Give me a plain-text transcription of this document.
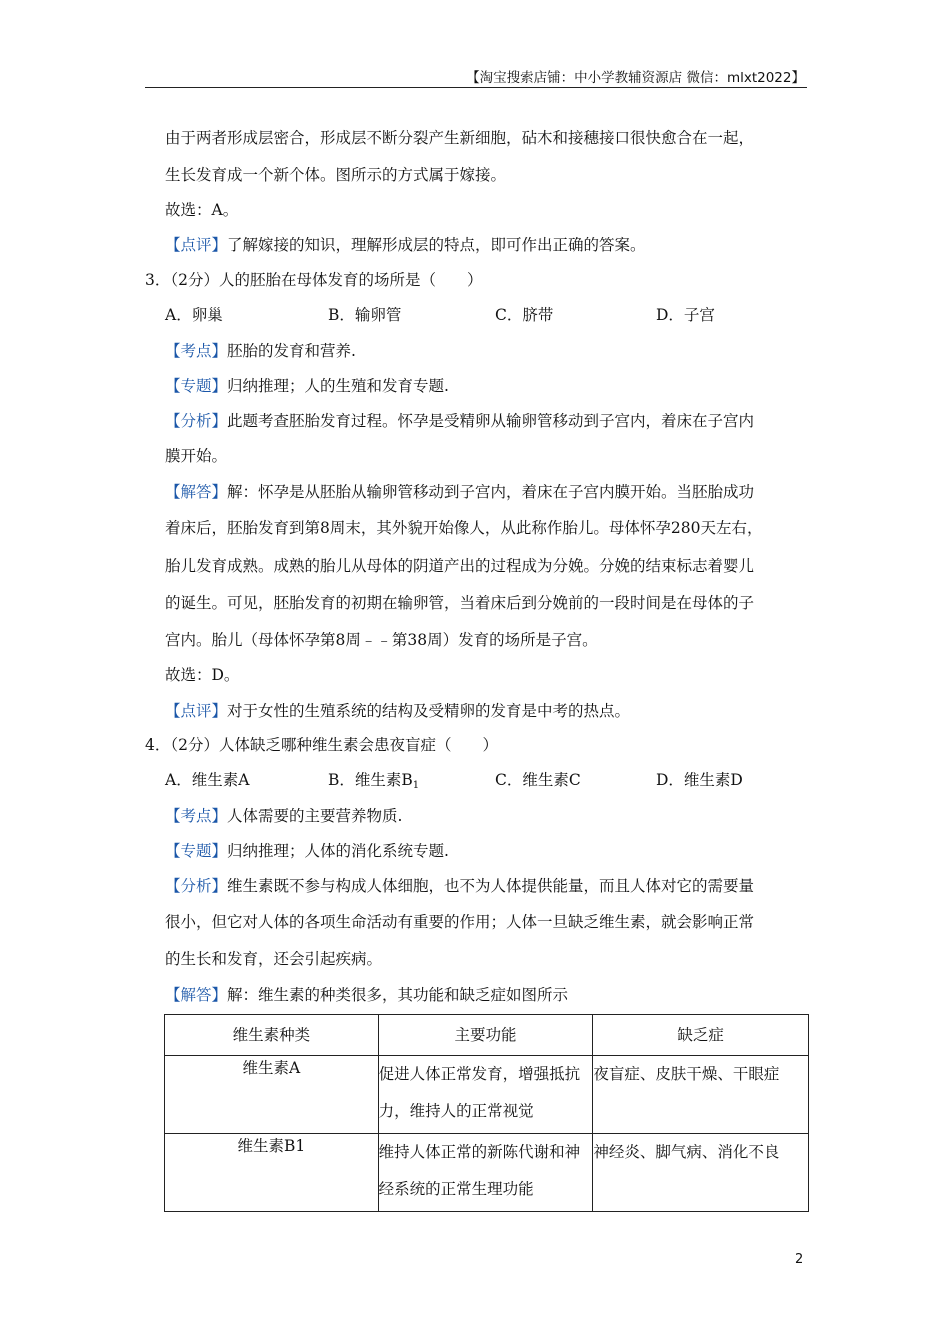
【淘宝搜索店铺：中小学教辅资源店 微信：mlxt2022】
由于两者形成层密合，形成层不断分裂产生新细胞，砧木和接穗接口很快愈合在一起，
生长发育成一个新个体。图所示的方式属于嫁接。
故选：A。
【点评】了解嫁接的知识，理解形成层的特点，即可作出正确的答案。
3．（2分）人的胚胎在母体发育的场所是（　　）
A．卵巢	B．输卵管	C．脐带	D．子宫
【考点】胚胎的发育和营养.
【专题】归纳推理；人的生殖和发育专题.
【分析】此题考查胚胎发育过程。怀孕是受精卵从输卵管移动到子宫内，着床在子宫内
膜开始。
【解答】解：怀孕是从胚胎从输卵管移动到子宫内，着床在子宫内膜开始。当胚胎成功
着床后，胚胎发育到第8周末，其外貌开始像人，从此称作胎儿。母体怀孕280天左右，
胎儿发育成熟。成熟的胎儿从母体的阴道产出的过程成为分娩。分娩的结束标志着婴儿
的诞生。可见，胚胎发育的初期在输卵管，当着床后到分娩前的一段时间是在母体的子
宫内。胎儿（母体怀孕第8周﹣﹣第38周）发育的场所是子宫。
故选：D。
【点评】对于女性的生殖系统的结构及受精卵的发育是中考的热点。
4．（2分）人体缺乏哪种维生素会患夜盲症（　　）
A．维生素A	B．维生素$B_1$	C．维生素C	D．维生素D
【考点】人体需要的主要营养物质.
【专题】归纳推理；人体的消化系统专题.
【分析】维生素既不参与构成人体细胞，也不为人体提供能量，而且人体对它的需要量
很小，但它对人体的各项生命活动有重要的作用；人体一旦缺乏维生素，就会影响正常
的生长和发育，还会引起疾病。
【解答】解：维生素的种类很多，其功能和缺乏症如图所示
维生素种类	主要功能	缺乏症
维生素A	促进人体正常发育，增强抵抗力，维持人的正常视觉	夜盲症、皮肤干燥、干眼症
维生素B1	维持人体正常的新陈代谢和神经系统的正常生理功能	神经炎、脚气病、消化不良
2
